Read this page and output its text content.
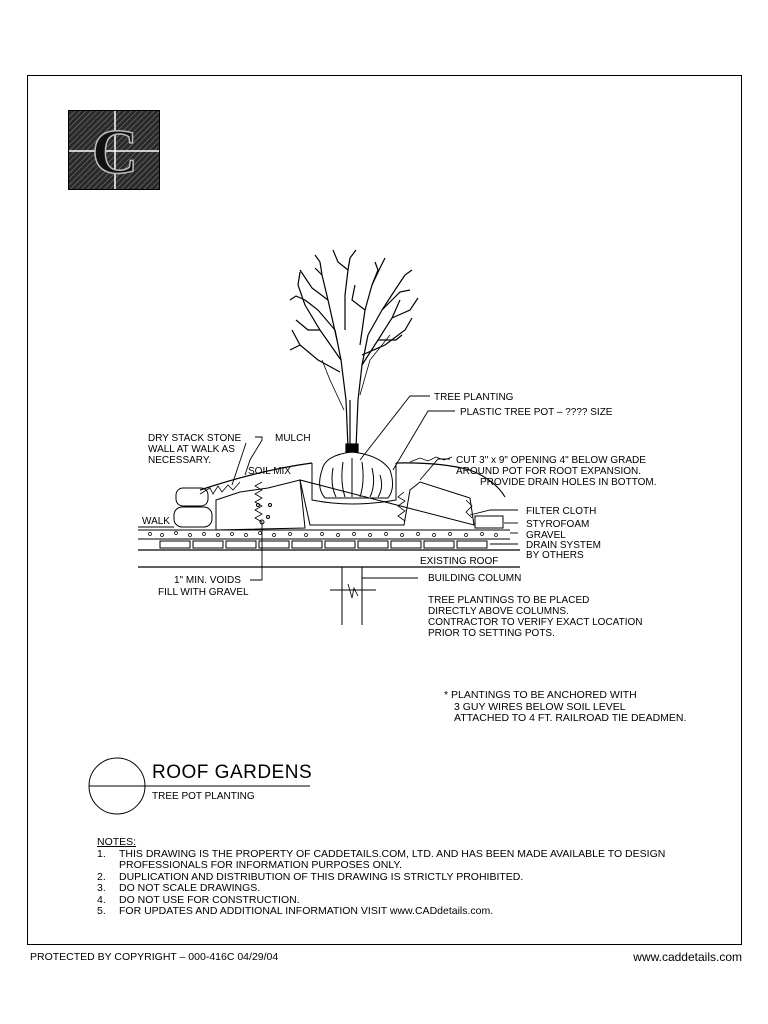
C
TREE PLANTING
PLASTIC TREE POT – ???? SIZE
DRY STACK STONE
WALL AT WALK AS
NECESSARY.
MULCH
SOIL MIX
CUT 3" x 9" OPENING 4" BELOW GRADE
AROUND POT FOR ROOT EXPANSION.
PROVIDE DRAIN HOLES IN BOTTOM.
WALK
FILTER CLOTH
STYROFOAM
GRAVEL
DRAIN SYSTEM
BY OTHERS
EXISTING ROOF
1" MIN. VOIDS
FILL WITH GRAVEL
BUILDING COLUMN
TREE PLANTINGS TO BE PLACED
DIRECTLY ABOVE COLUMNS.
CONTRACTOR TO VERIFY EXACT LOCATION
PRIOR TO SETTING POTS.
* PLANTINGS TO BE ANCHORED WITH
3 GUY WIRES BELOW SOIL LEVEL
ATTACHED TO 4 FT. RAILROAD TIE DEADMEN.
ROOF GARDENS
TREE POT PLANTING
NOTES:
1.	THIS DRAWING IS THE PROPERTY OF CADDETAILS.COM, LTD. AND HAS BEEN MADE AVAILABLE TO DESIGN
PROFESSIONALS FOR INFORMATION PURPOSES ONLY.
2.	DUPLICATION AND DISTRIBUTION OF THIS DRAWING IS STRICTLY PROHIBITED.
3.	DO NOT SCALE DRAWINGS.
4.	DO NOT USE FOR CONSTRUCTION.
5.	FOR UPDATES AND ADDITIONAL INFORMATION VISIT www.CADdetails.com.
PROTECTED BY COPYRIGHT – 000-416C 04/29/04	www.caddetails.com
